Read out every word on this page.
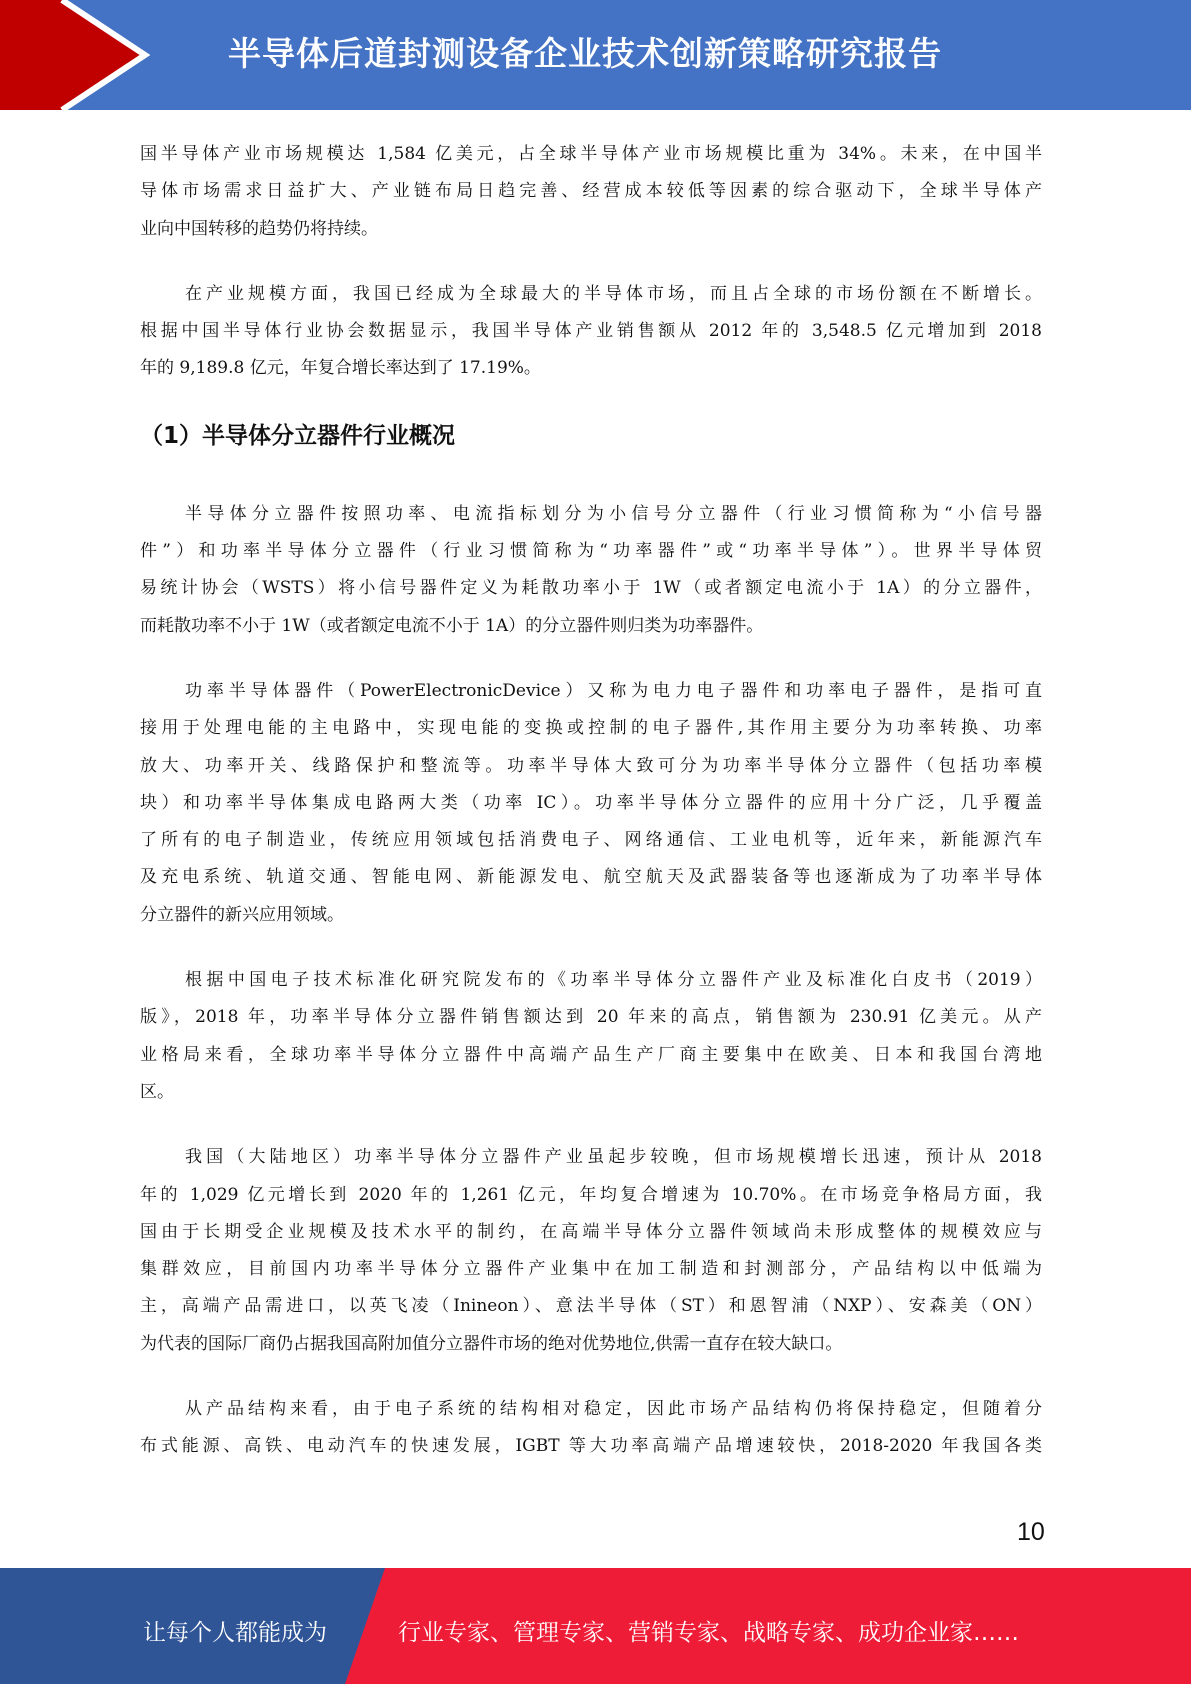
半导体后道封测设备企业技术创新策略研究报告
国半导体产业市场规模达 1,584 亿美元，占全球半导体产业市场规模比重为 34%。未来，在中国半
导体市场需求日益扩大、产业链布局日趋完善、经营成本较低等因素的综合驱动下，全球半导体产
业向中国转移的趋势仍将持续。
在产业规模方面，我国已经成为全球最大的半导体市场，而且占全球的市场份额在不断增长。
根据中国半导体行业协会数据显示，我国半导体产业销售额从 2012 年的 3,548.5 亿元增加到 2018
年的 9,189.8 亿元，年复合增长率达到了 17.19%。
（1）半导体分立器件行业概况
半导体分立器件按照功率、电流指标划分为小信号分立器件（行业习惯简称为“小信号器
件”）和功率半导体分立器件（行业习惯简称为“功率器件”或“功率半导体”）。世界半导体贸
易统计协会（WSTS）将小信号器件定义为耗散功率小于 1W（或者额定电流小于 1A）的分立器件，
而耗散功率不小于 1W（或者额定电流不小于 1A）的分立器件则归类为功率器件。
功率半导体器件（PowerElectronicDevice）又称为电力电子器件和功率电子器件，是指可直
接用于处理电能的主电路中，实现电能的变换或控制的电子器件,其作用主要分为功率转换、功率
放大、功率开关、线路保护和整流等。功率半导体大致可分为功率半导体分立器件（包括功率模
块）和功率半导体集成电路两大类（功率 IC）。功率半导体分立器件的应用十分广泛，几乎覆盖
了所有的电子制造业，传统应用领域包括消费电子、网络通信、工业电机等，近年来，新能源汽车
及充电系统、轨道交通、智能电网、新能源发电、航空航天及武器装备等也逐渐成为了功率半导体
分立器件的新兴应用领域。
根据中国电子技术标准化研究院发布的《功率半导体分立器件产业及标准化白皮书（2019）
版》，2018 年，功率半导体分立器件销售额达到 20 年来的高点，销售额为 230.91 亿美元。从产
业格局来看，全球功率半导体分立器件中高端产品生产厂商主要集中在欧美、日本和我国台湾地
区。
我国（大陆地区）功率半导体分立器件产业虽起步较晚，但市场规模增长迅速，预计从 2018
年的 1,029 亿元增长到 2020 年的 1,261 亿元，年均复合增速为 10.70%。在市场竞争格局方面，我
国由于长期受企业规模及技术水平的制约，在高端半导体分立器件领域尚未形成整体的规模效应与
集群效应，目前国内功率半导体分立器件产业集中在加工制造和封测部分，产品结构以中低端为
主，高端产品需进口，以英飞凌（Inineon）、意法半导体（ST）和恩智浦（NXP）、安森美（ON）
为代表的国际厂商仍占据我国高附加值分立器件市场的绝对优势地位,供需一直存在较大缺口。
从产品结构来看，由于电子系统的结构相对稳定，因此市场产品结构仍将保持稳定，但随着分
布式能源、高铁、电动汽车的快速发展，IGBT 等大功率高端产品增速较快，2018-2020 年我国各类
10
让每个人都能成为	行业专家、管理专家、营销专家、战略专家、成功企业家……
